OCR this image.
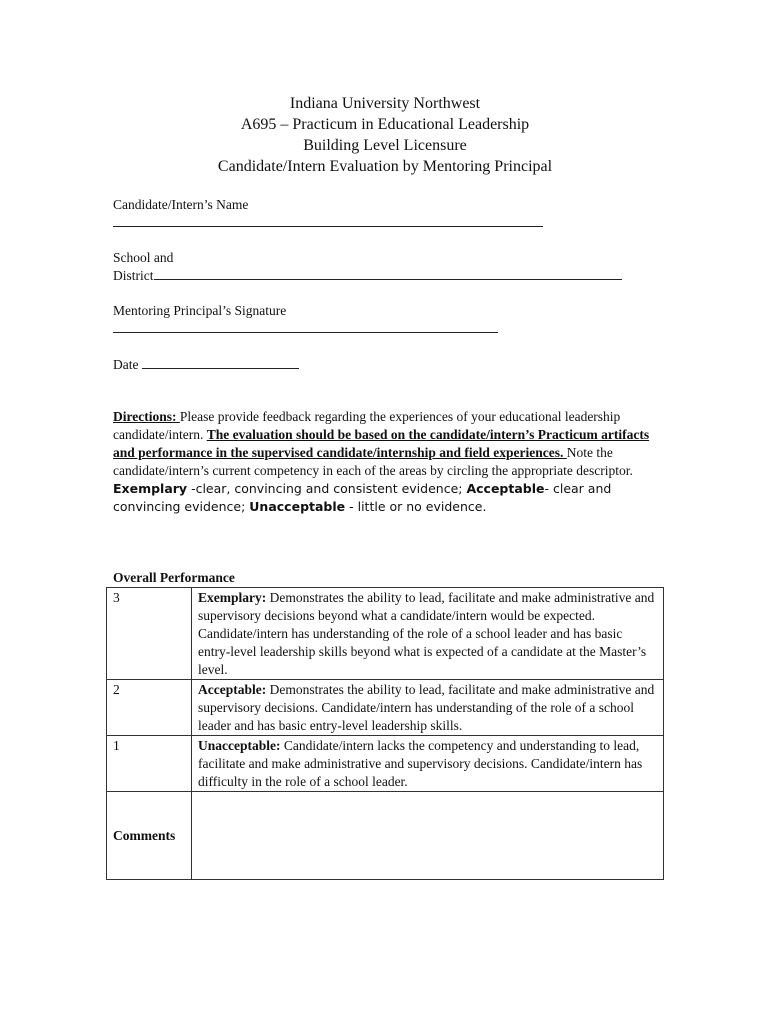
Indiana University Northwest
A695 – Practicum in Educational Leadership
Building Level Licensure
Candidate/Intern Evaluation by Mentoring Principal
Candidate/Intern’s Name
School and
District
Mentoring Principal’s Signature
Date
Directions: Please provide feedback regarding the experiences of your educational leadership candidate/intern. The evaluation should be based on the candidate/intern’s Practicum artifacts and performance in the supervised candidate/internship and field experiences. Note the candidate/intern’s current competency in each of the areas by circling the appropriate descriptor. Exemplary -clear, convincing and consistent evidence; Acceptable- clear and convincing evidence; Unacceptable - little or no evidence.
Overall Performance
3	Exemplary: Demonstrates the ability to lead, facilitate and make administrative and supervisory decisions beyond what a candidate/intern would be expected. Candidate/intern has understanding of the role of a school leader and has basic entry-level leadership skills beyond what is expected of a candidate at the Master’s level.
2	Acceptable: Demonstrates the ability to lead, facilitate and make administrative and supervisory decisions. Candidate/intern has understanding of the role of a school leader and has basic entry-level leadership skills.
1	Unacceptable: Candidate/intern lacks the competency and understanding to lead, facilitate and make administrative and supervisory decisions. Candidate/intern has difficulty in the role of a school leader.
Comments	
